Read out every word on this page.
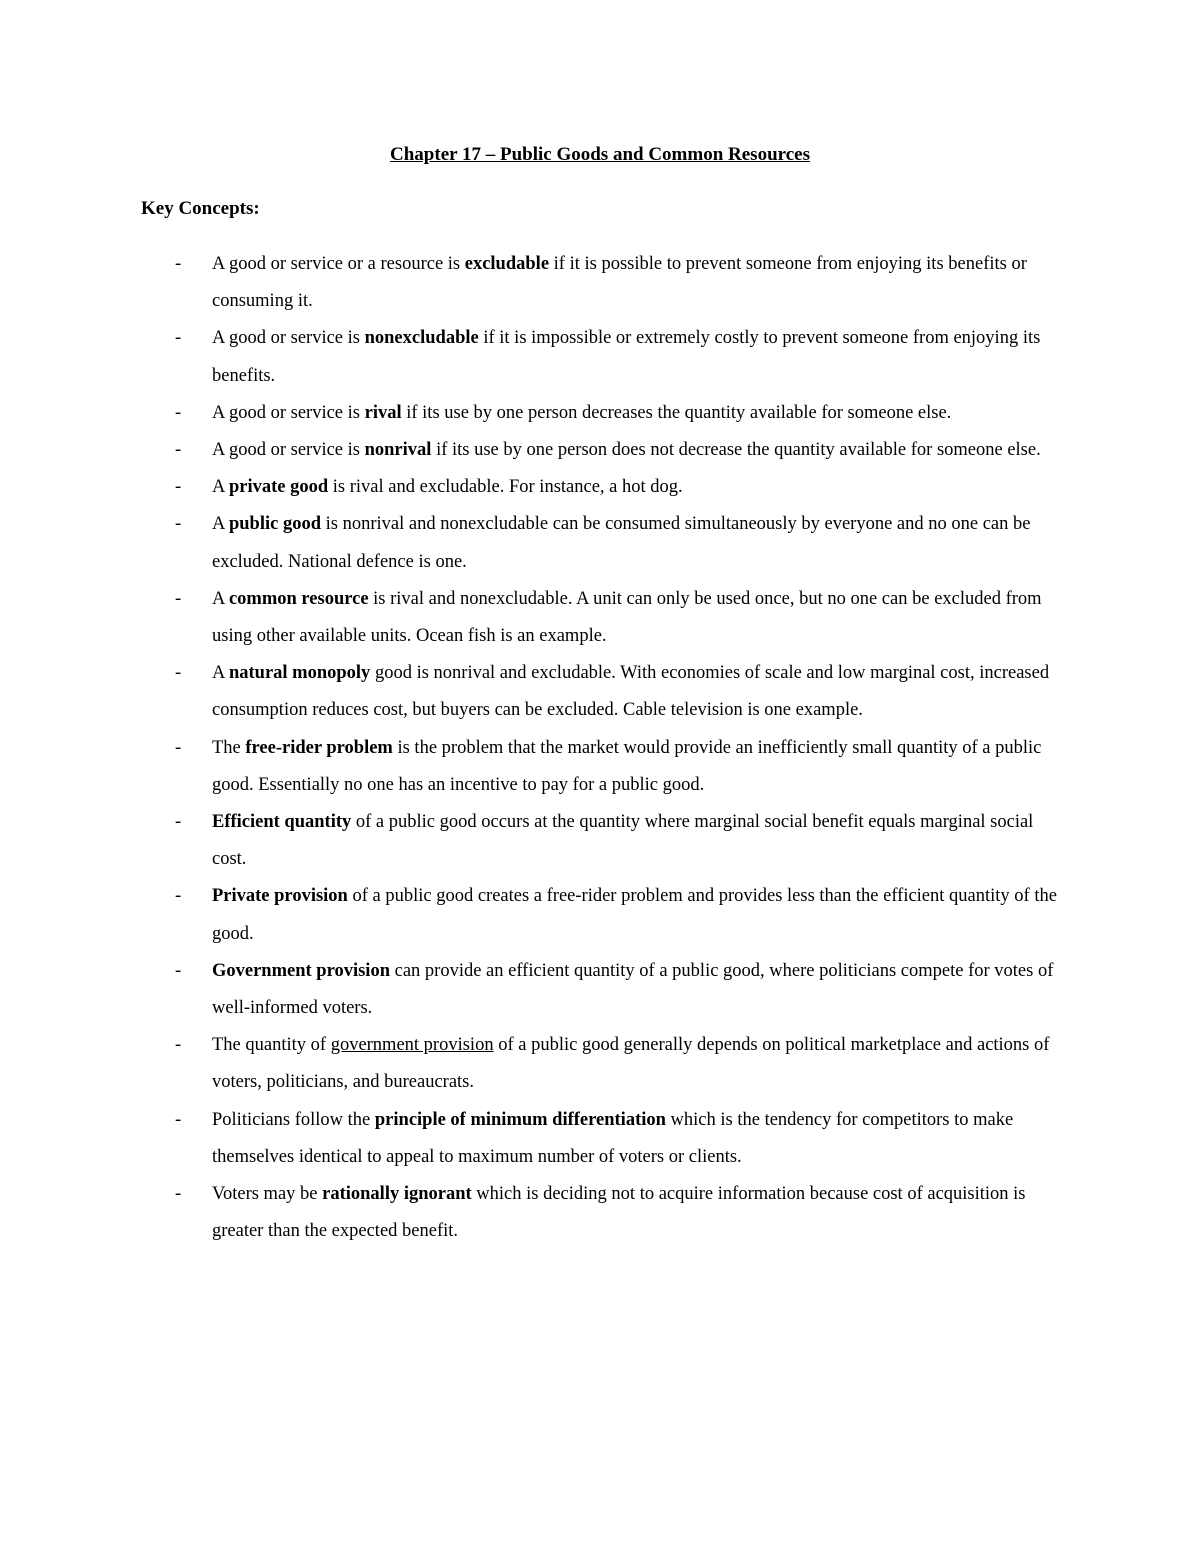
Chapter 17 – Public Goods and Common Resources
Key Concepts:
- A good or service or a resource is excludable if it is possible to prevent someone from enjoying its benefits or consuming it.
- A good or service is nonexcludable if it is impossible or extremely costly to prevent someone from enjoying its benefits.
- A good or service is rival if its use by one person decreases the quantity available for someone else.
- A good or service is nonrival if its use by one person does not decrease the quantity available for someone else.
- A private good is rival and excludable. For instance, a hot dog.
- A public good is nonrival and nonexcludable can be consumed simultaneously by everyone and no one can be excluded. National defence is one.
- A common resource is rival and nonexcludable. A unit can only be used once, but no one can be excluded from using other available units. Ocean fish is an example.
- A natural monopoly good is nonrival and excludable. With economies of scale and low marginal cost, increased consumption reduces cost, but buyers can be excluded. Cable television is one example.
- The free-rider problem is the problem that the market would provide an inefficiently small quantity of a public good. Essentially no one has an incentive to pay for a public good.
- Efficient quantity of a public good occurs at the quantity where marginal social benefit equals marginal social cost.
- Private provision of a public good creates a free-rider problem and provides less than the efficient quantity of the good.
- Government provision can provide an efficient quantity of a public good, where politicians compete for votes of well-informed voters.
- The quantity of government provision of a public good generally depends on political marketplace and actions of voters, politicians, and bureaucrats.
- Politicians follow the principle of minimum differentiation which is the tendency for competitors to make themselves identical to appeal to maximum number of voters or clients.
- Voters may be rationally ignorant which is deciding not to acquire information because cost of acquisition is greater than the expected benefit.
